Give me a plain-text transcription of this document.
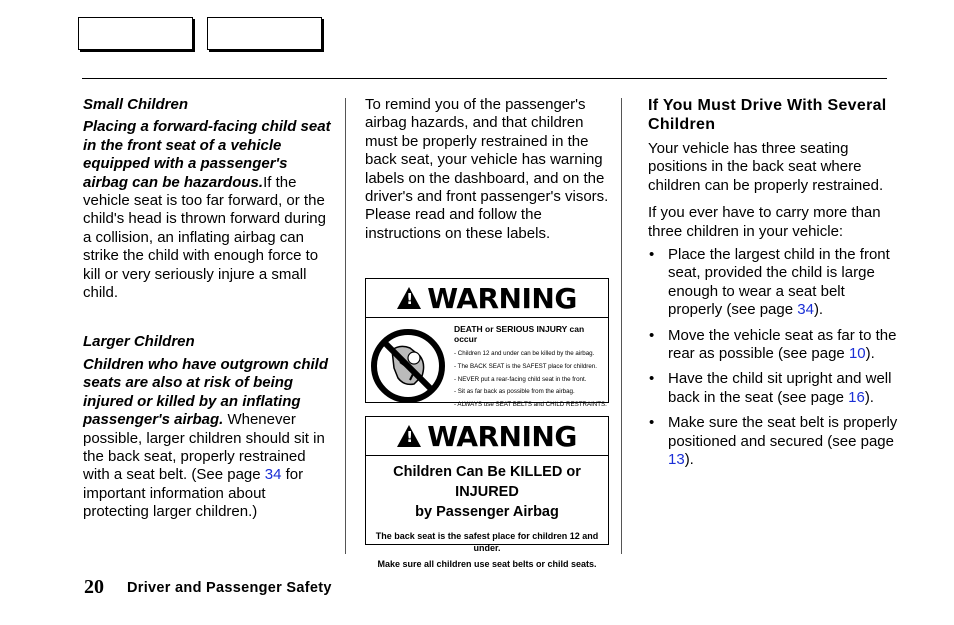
Small Children

Placing a forward-facing child seat in the front seat of a vehicle equipped with a passenger's airbag can be hazardous.If the vehicle seat is too far forward, or the child's head is thrown forward during a collision, an inflating airbag can strike the child with enough force to kill or very seriously injure a small child.

Larger Children

Children who have outgrown child seats are also at risk of being injured or killed by an inflating passenger's airbag. Whenever possible, larger children should sit in the back seat, properly restrained with a seat belt. (See page 34 for important information about protecting larger children.)

To remind you of the passenger's airbag hazards, and that children must be properly restrained in the back seat, your vehicle has warning labels on the dashboard, and on the driver's and front passenger's visors. Please read and follow the instructions on these labels.

! WARNING
DEATH or SERIOUS INJURY can occur
- Children 12 and under can be killed by the airbag.
- The BACK SEAT is the SAFEST place for children.
- NEVER put a rear-facing child seat in the front.
- Sit as far back as possible from the airbag.
- ALWAYS use SEAT BELTS and CHILD RESTRAINTS.
! WARNING
Children Can Be KILLED or INJURED
by Passenger Airbag
The back seat is the safest place for children 12 and under.
Make sure all children use seat belts or child seats.

If You Must Drive With Several Children

Your vehicle has three seating positions in the back seat where children can be properly restrained.

If you ever have to carry more than three children in your vehicle:

• Place the largest child in the front seat, provided the child is large enough to wear a seat belt properly (see page 34).
• Move the vehicle seat as far to the rear as possible (see page 10).
• Have the child sit upright and well back in the seat (see page 16).
• Make sure the seat belt is properly positioned and secured (see page 13).
20 Driver and Passenger Safety
